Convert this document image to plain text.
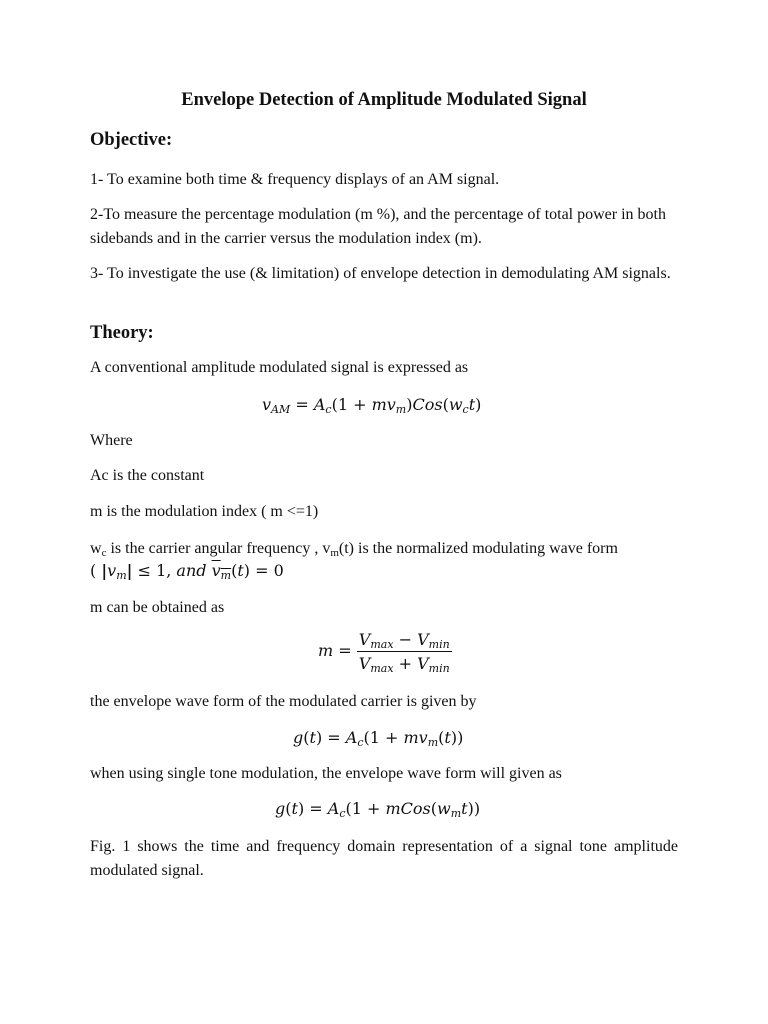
Envelope Detection of Amplitude Modulated Signal
Objective:
1- To examine both time & frequency displays of an AM signal.
2-To measure the percentage modulation (m %), and the percentage of total power in both sidebands and in the carrier versus the modulation index (m).
3- To investigate the use (& limitation) of envelope detection in demodulating AM signals.
Theory:
A conventional amplitude modulated signal is expressed as
$v_{AM} = A_c(1 + mv_m)Cos(w_ct)$
Where
Ac is the constant
m is the modulation index ( m <=1)
$w_c$ is the carrier angular frequency , $v_m(t)$ is the normalized modulating wave form
( $|v_m| \le 1$, and $v_m(t) = 0$
m can be obtained as
$m = \frac{V_{max} - V_{min}}{V_{max} + V_{min}}$
the envelope wave form of the modulated carrier is given by
$g(t) = A_c(1 + mv_m(t))$
when using single tone modulation, the envelope wave form will given as
$g(t) = A_c(1$ + $mCos(w_mt)$)
Fig. 1 shows the time and frequency domain representation of a signal tone amplitude modulated signal.
